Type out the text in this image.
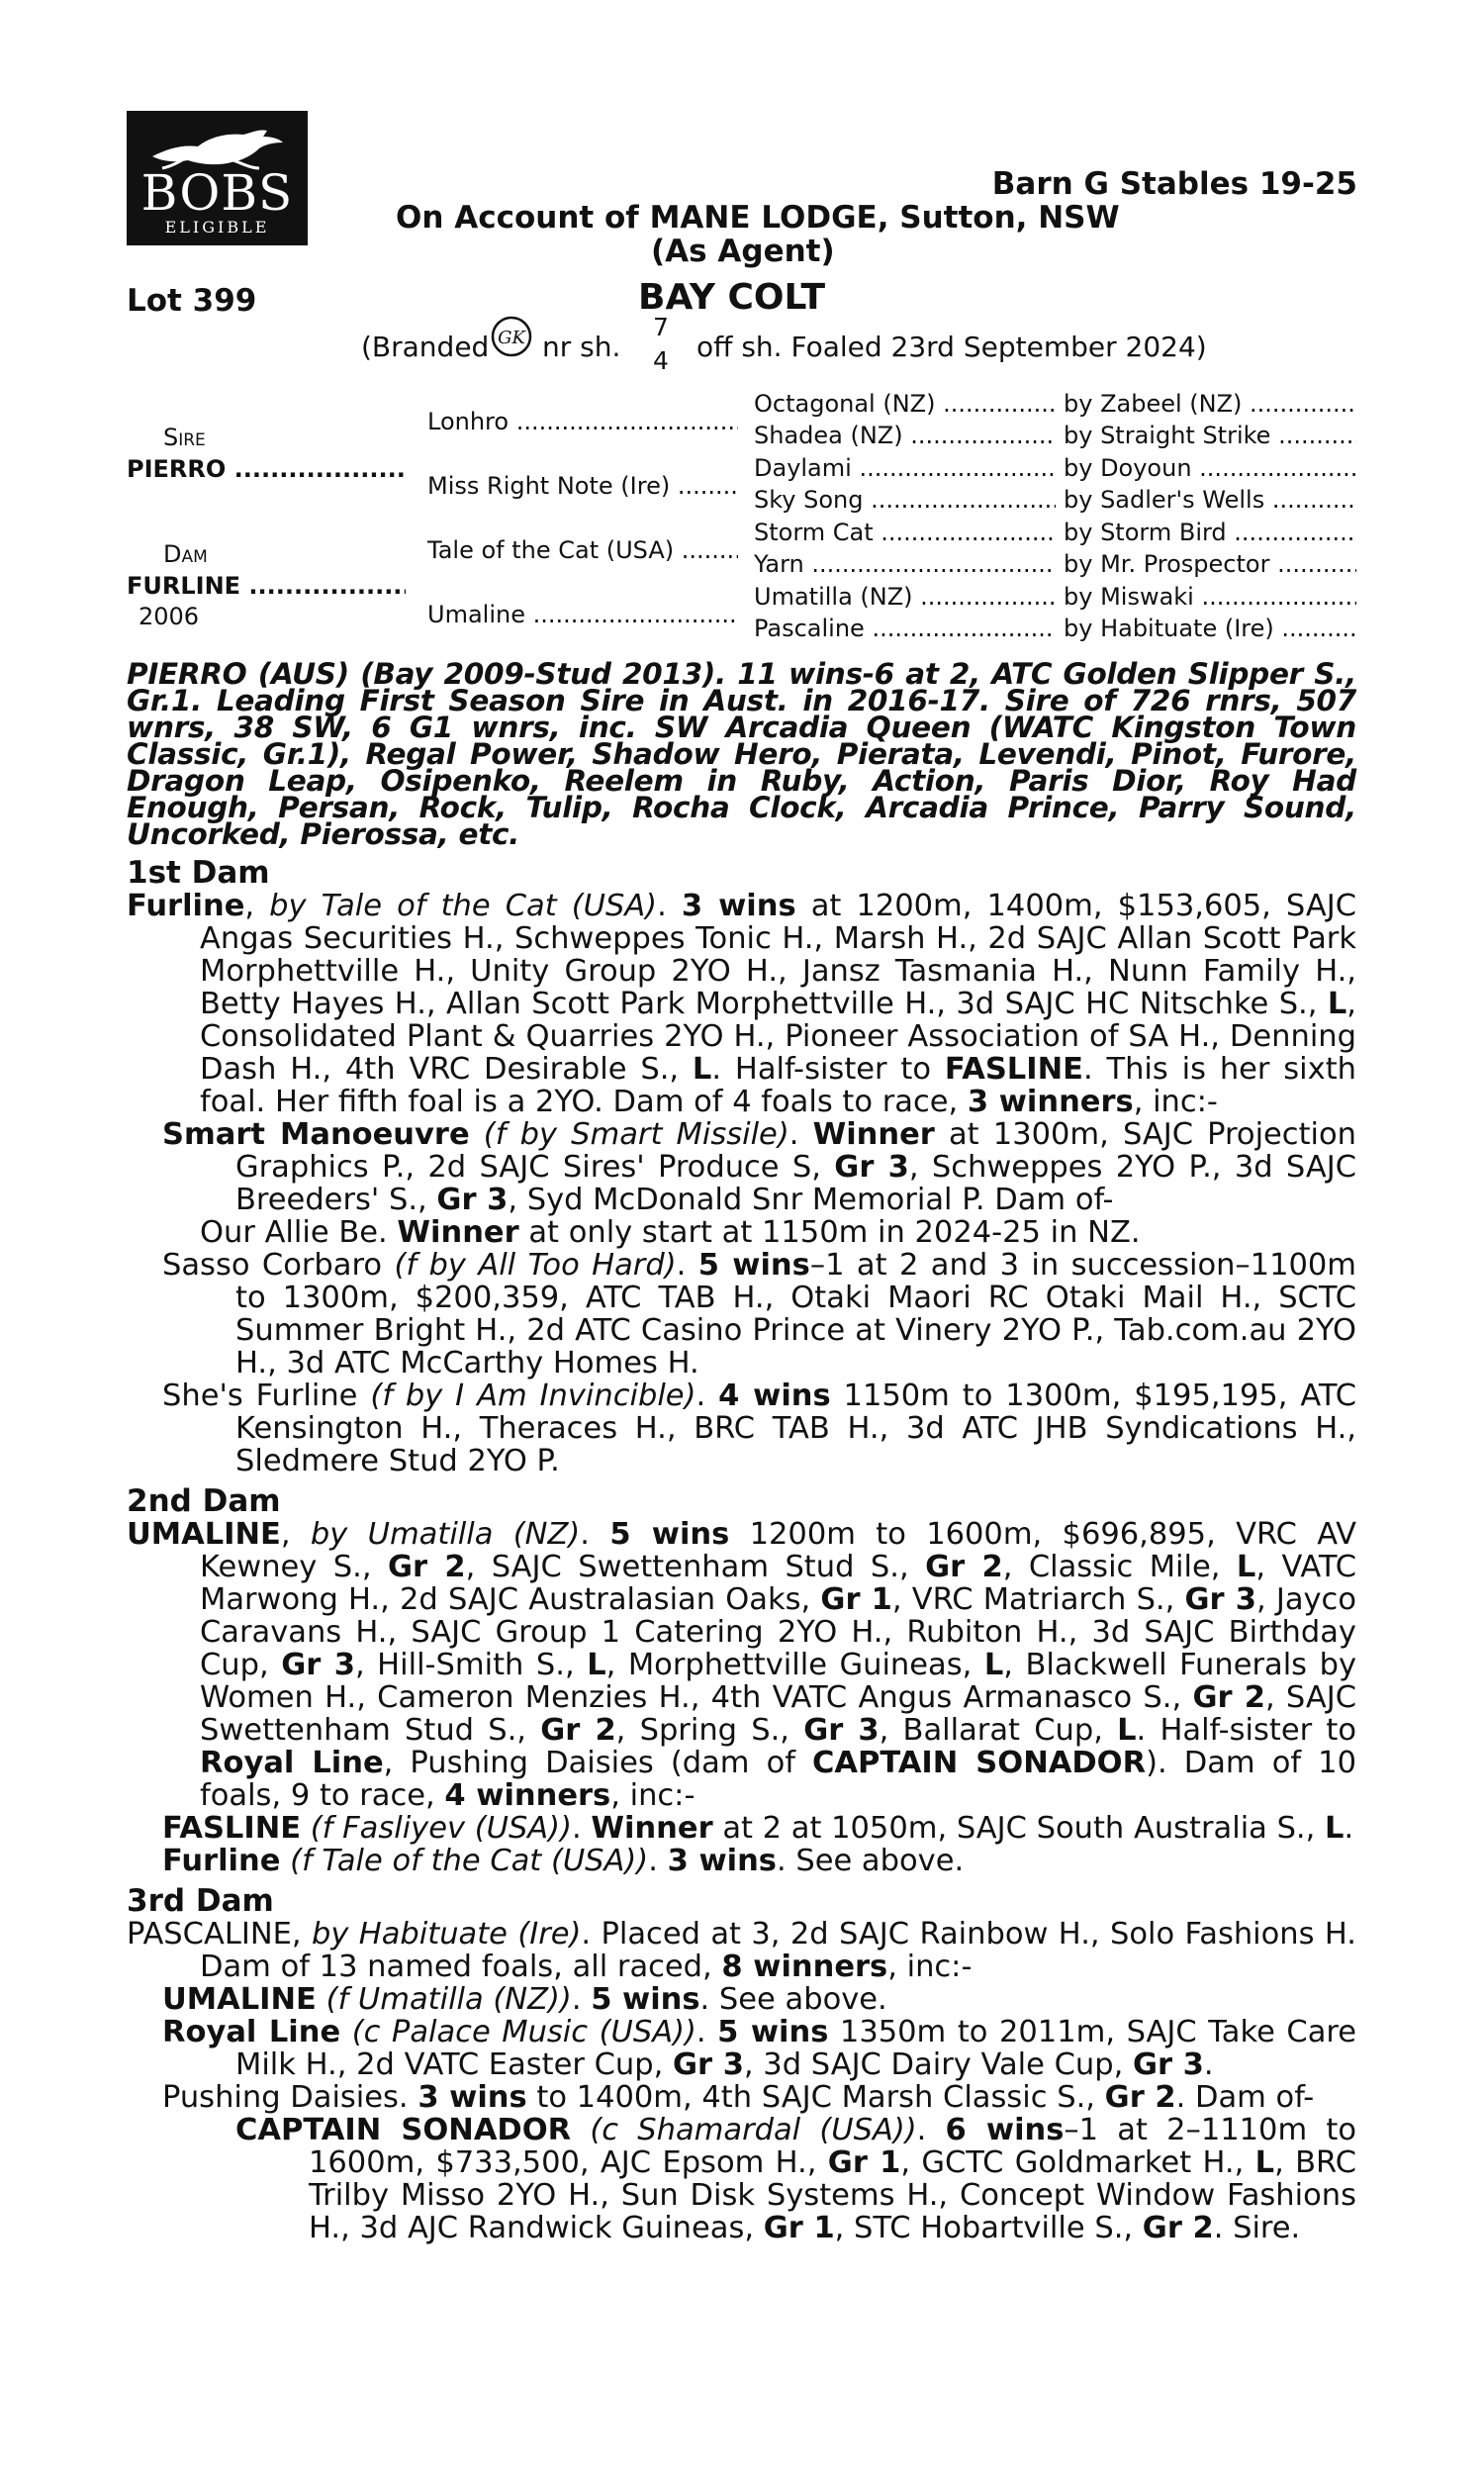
BOBS
ELIGIBLE
Barn G Stables 19-25
On Account of MANE LODGE, Sutton, NSW
(As Agent)
Lot 399	BAY COLT
(Branded GK nr sh.
7
4 off sh. Foaled 23rd September 2024)
Sire
PIERRO .....
Dam
FURLINE .....
2006
Lonhro .....
Miss Right Note (Ire) .....
Tale of the Cat (USA) .....
Umaline .....
Octagonal (NZ) .....
Shadea (NZ) .....
Daylami .....
Sky Song .....
Storm Cat .....
Yarn .....
Umatilla (NZ) .....
Pascaline .....
by Zabeel (NZ) .....
by Straight Strike .....
by Doyoun .....
by Sadler's Wells .....
by Storm Bird .....
by Mr. Prospector .....
by Miswaki .....
by Habituate (Ire) .....

PIERRO (AUS) (Bay 2009-Stud 2013). 11 wins-6 at 2, ATC Golden Slipper S., Gr.1. Leading First Season Sire in Aust. in 2016-17. Sire of 726 rnrs, 507 wnrs, 38 SW, 6 G1 wnrs, inc. SW Arcadia Queen (WATC Kingston Town Classic, Gr.1), Regal Power, Shadow Hero, Pierata, Levendi, Pinot, Furore, Dragon Leap, Osipenko, Reelem in Ruby, Action, Paris Dior, Roy Had Enough, Persan, Rock, Tulip, Rocha Clock, Arcadia Prince, Parry Sound, Uncorked, Pierossa, etc.

1st Dam

Furline, by Tale of the Cat (USA). 3 wins at 1200m, 1400m, $153,605, SAJC Angas Securities H., Schweppes Tonic H., Marsh H., 2d SAJC Allan Scott Park Morphettville H., Unity Group 2YO H., Jansz Tasmania H., Nunn Family H., Betty Hayes H., Allan Scott Park Morphettville H., 3d SAJC HC Nitschke S., L, Consolidated Plant & Quarries 2YO H., Pioneer Association of SA H., Denning Dash H., 4th VRC Desirable S., L. Half-sister to FASLINE. This is her sixth foal. Her fifth foal is a 2YO. Dam of 4 foals to race, 3 winners, inc:-

Smart Manoeuvre (f by Smart Missile). Winner at 1300m, SAJC Projection Graphics P., 2d SAJC Sires' Produce S, Gr 3, Schweppes 2YO P., 3d SAJC Breeders' S., Gr 3, Syd McDonald Snr Memorial P. Dam of-

Our Allie Be. Winner at only start at 1150m in 2024-25 in NZ.

Sasso Corbaro (f by All Too Hard). 5 wins–1 at 2 and 3 in succession–1100m to 1300m, $200,359, ATC TAB H., Otaki Maori RC Otaki Mail H., SCTC Summer Bright H., 2d ATC Casino Prince at Vinery 2YO P., Tab.com.au 2YO H., 3d ATC McCarthy Homes H.

She's Furline (f by I Am Invincible). 4 wins 1150m to 1300m, $195,195, ATC Kensington H., Theraces H., BRC TAB H., 3d ATC JHB Syndications H., Sledmere Stud 2YO P.

2nd Dam

UMALINE, by Umatilla (NZ). 5 wins 1200m to 1600m, $696,895, VRC AV Kewney S., Gr 2, SAJC Swettenham Stud S., Gr 2, Classic Mile, L, VATC Marwong H., 2d SAJC Australasian Oaks, Gr 1, VRC Matriarch S., Gr 3, Jayco Caravans H., SAJC Group 1 Catering 2YO H., Rubiton H., 3d SAJC Birthday Cup, Gr 3, Hill-Smith S., L, Morphettville Guineas, L, Blackwell Funerals by Women H., Cameron Menzies H., 4th VATC Angus Armanasco S., Gr 2, SAJC Swettenham Stud S., Gr 2, Spring S., Gr 3, Ballarat Cup, L. Half-sister to Royal Line, Pushing Daisies (dam of CAPTAIN SONADOR). Dam of 10 foals, 9 to race, 4 winners, inc:-

FASLINE (f Fasliyev (USA)). Winner at 2 at 1050m, SAJC South Australia S., L.

Furline (f Tale of the Cat (USA)). 3 wins. See above.

3rd Dam

PASCALINE, by Habituate (Ire). Placed at 3, 2d SAJC Rainbow H., Solo Fashions H. Dam of 13 named foals, all raced, 8 winners, inc:-

UMALINE (f Umatilla (NZ)). 5 wins. See above.

Royal Line (c Palace Music (USA)). 5 wins 1350m to 2011m, SAJC Take Care Milk H., 2d VATC Easter Cup, Gr 3, 3d SAJC Dairy Vale Cup, Gr 3.

Pushing Daisies. 3 wins to 1400m, 4th SAJC Marsh Classic S., Gr 2. Dam of-

CAPTAIN SONADOR (c Shamardal (USA)). 6 wins–1 at 2–1110m to 1600m, $733,500, AJC Epsom H., Gr 1, GCTC Goldmarket H., L, BRC Trilby Misso 2YO H., Sun Disk Systems H., Concept Window Fashions H., 3d AJC Randwick Guineas, Gr 1, STC Hobartville S., Gr 2. Sire.
